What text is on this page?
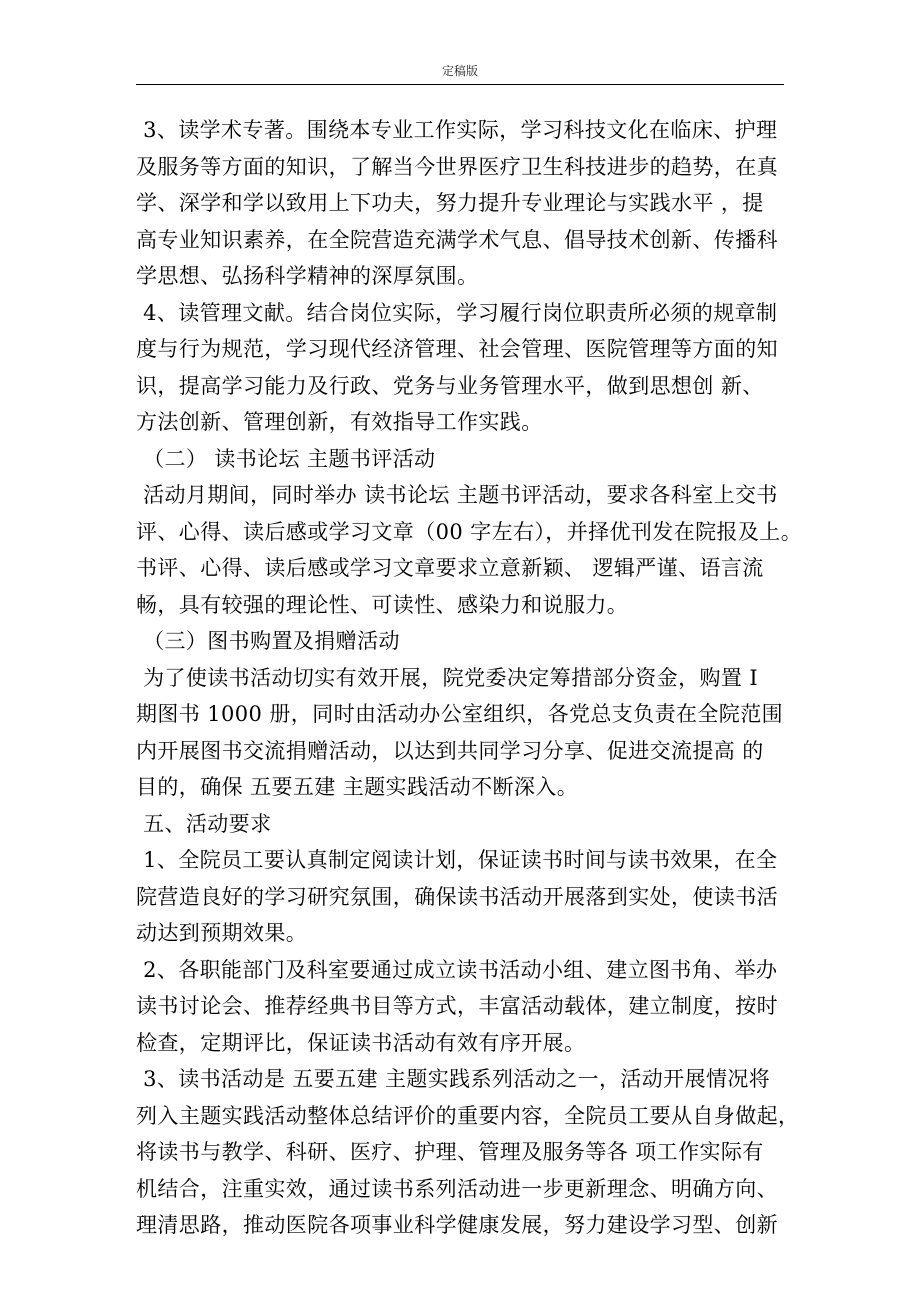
定稿版
3、读学术专著。围绕本专业工作实际，学习科技文化在临床、护理
及服务等方面的知识，了解当今世界医疗卫生科技进步的趋势，在真
学、深学和学以致用上下功夫，努力提升专业理论与实践水平 ，提
高专业知识素养，在全院营造充满学术气息、倡导技术创新、传播科
学思想、弘扬科学精神的深厚氛围。
4、读管理文献。结合岗位实际，学习履行岗位职责所必须的规章制
度与行为规范，学习现代经济管理、社会管理、医院管理等方面的知
识，提高学习能力及行政、党务与业务管理水平，做到思想创 新、
方法创新、管理创新，有效指导工作实践。
（二） 读书论坛 主题书评活动
活动月期间，同时举办 读书论坛 主题书评活动，要求各科室上交书
评、心得、读后感或学习文章（00 字左右），并择优刊发在院报及上。
书评、心得、读后感或学习文章要求立意新颖、 逻辑严谨、语言流
畅，具有较强的理论性、可读性、感染力和说服力。
（三）图书购置及捐赠活动
为了使读书活动切实有效开展，院党委决定筹措部分资金，购置 I
期图书 1000 册，同时由活动办公室组织，各党总支负责在全院范围
内开展图书交流捐赠活动，以达到共同学习分享、促进交流提高 的
目的，确保 五要五建 主题实践活动不断深入。
五、活动要求
1、全院员工要认真制定阅读计划，保证读书时间与读书效果，在全
院营造良好的学习研究氛围，确保读书活动开展落到实处，使读书活
动达到预期效果。
2、各职能部门及科室要通过成立读书活动小组、建立图书角、举办
读书讨论会、推荐经典书目等方式，丰富活动载体，建立制度，按时
检查，定期评比，保证读书活动有效有序开展。
3、读书活动是 五要五建 主题实践系列活动之一，活动开展情况将
列入主题实践活动整体总结评价的重要内容，全院员工要从自身做起，
将读书与教学、科研、医疗、护理、管理及服务等各 项工作实际有
机结合，注重实效，通过读书系列活动进一步更新理念、明确方向、
理清思路，推动医院各项事业科学健康发展，努力建设学习型、创新
